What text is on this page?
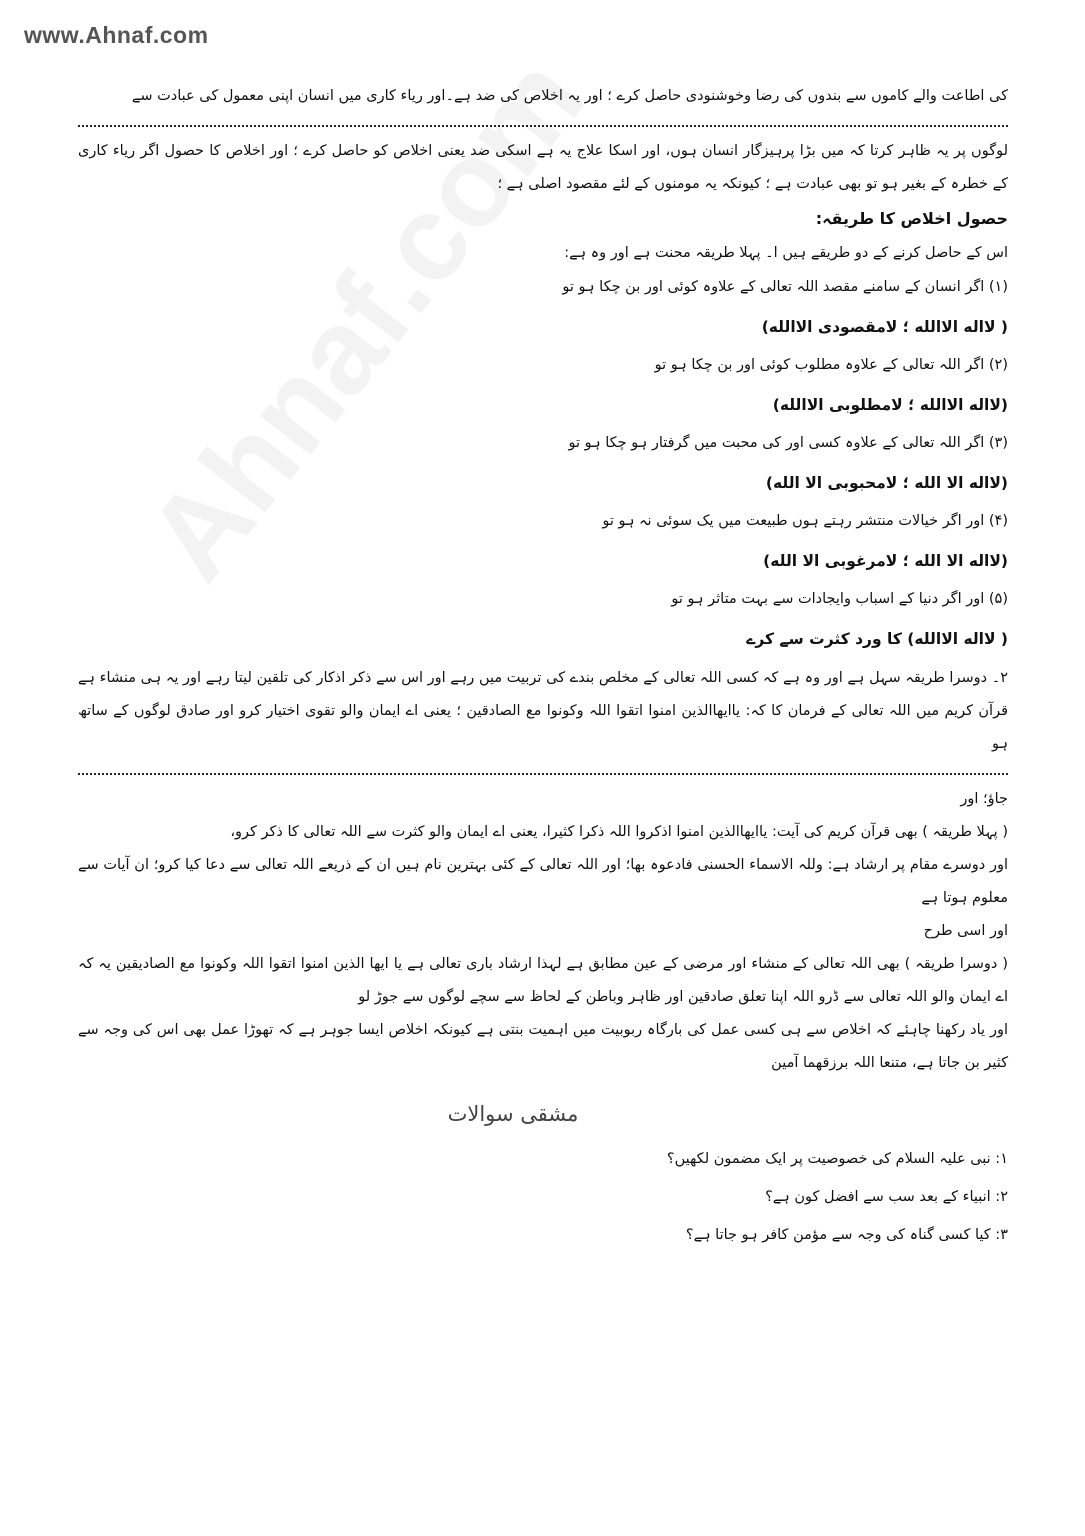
www.Ahnaf.com

کی اطاعت والے کاموں سے بندوں کی رضا وخوشنودی حاصل کرے ؛ اور یہ اخلاص کی ضد ہے۔اور ریاء کاری میں انسان اپنی معمول کی عبادت سے

لوگوں پر یہ ظاہر کرتا کہ میں بڑا پرہیزگار انسان ہوں، اور اسکا علاج یہ ہے اسکی ضد یعنی اخلاص کو حاصل کرے ؛ اور اخلاص کا حصول اگر ریاء کاری کے خطرہ کے بغیر ہو تو بھی عبادت ہے ؛ کیونکہ یہ مومنوں کے لئے مقصود اصلی ہے ؛

حصول اخلاص کا طریقہ:

اس کے حاصل کرنے کے دو طریقے ہیں ا۔ پہلا طریقہ محنت ہے اور وہ ہے:

(۱) اگر انسان کے سامنے مقصد اللہ تعالی کے علاوہ کوئی اور بن چکا ہو تو

( لااله الاالله ؛ لامقصودى الاالله)

(۲) اگر اللہ تعالی کے علاوہ مطلوب کوئی اور بن چکا ہو تو

(لااله الاالله ؛ لامطلوبى الاالله)

(۳) اگر اللہ تعالی کے علاوہ کسی اور کی محبت میں گرفتار ہو چکا ہو تو

(لااله الا الله ؛ لامحبوبى الا الله)

(۴) اور اگر خیالات منتشر رہتے ہوں طبیعت میں یک سوئی نہ ہو تو

(لااله الا الله ؛ لامرغوبى الا الله)

(۵) اور اگر دنیا کے اسباب وایجادات سے بہت متاثر ہو تو

( لااله الاالله) کا ورد کثرت سے کرے

۲۔ دوسرا طریقہ سہل ہے اور وہ ہے کہ کسی اللہ تعالی کے مخلص بندے کی تربیت میں رہے اور اس سے ذکر اذکار کی تلقین لیتا رہے اور یہ ہی منشاء ہے قرآن کریم میں اللہ تعالی کے فرمان کا کہ: یاایھاالذین امنوا اتقوا اللہ وکونوا مع الصادقین ؛ یعنی اے ایمان والو تقوی اختیار کرو اور صادق لوگوں کے ساتھ ہو

جاؤ؛ اور

( پہلا طریقہ ) بھی قرآن کریم کی آیت: یاایھاالذین امنوا اذکروا اللہ ذکرا کثیرا، یعنی اے ایمان والو کثرت سے اللہ تعالی کا ذکر کرو،

اور دوسرے مقام پر ارشاد ہے: وللہ الاسماء الحسنی فادعوہ بھا؛ اور اللہ تعالی کے کئی بہترین نام ہیں ان کے ذریعے اللہ تعالی سے دعا کیا کرو؛ ان آیات سے معلوم ہوتا ہے

اور اسی طرح

( دوسرا طریقہ ) بھی اللہ تعالی کے منشاء اور مرضی کے عین مطابق ہے لہذا ارشاد باری تعالی ہے یا ایھا الذین امنوا اتقوا اللہ وکونوا مع الصادیقین یہ کہ اے ایمان والو اللہ تعالی سے ڈرو اللہ اپنا تعلق صادقین اور ظاہر وباطن کے لحاظ سے سچے لوگوں سے جوڑ لو

اور یاد رکھنا چاہئے کہ اخلاص سے ہی کسی عمل کی بارگاہ ربوبیت میں اہمیت بنتی ہے کیونکہ اخلاص ایسا جوہر ہے کہ تھوڑا عمل بھی اس کی وجہ سے کثیر بن جاتا ہے، متنعا اللہ برزقھما آمین

مشقی سوالات

۱: نبی علیہ السلام کی خصوصیت پر ایک مضمون لکھیں؟

۲: انبیاء کے بعد سب سے افضل کون ہے؟

۳: کیا کسی گناہ کی وجہ سے مؤمن کافر ہو جاتا ہے؟
